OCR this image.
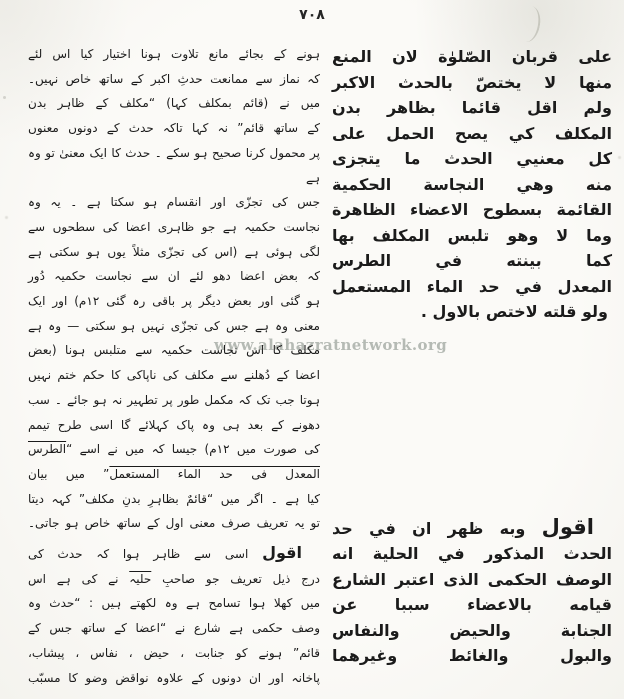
۷۰۸
www.alahazratnetwork.org
على قربان الصّلوٰة لان المنع
منها لا يختصّ بالحدث الاكبر
ولم اقل قائما بظاهر بدن
المكلف كي يصح الحمل على
كل معنيي الحدث ما يتجزى
منه وهي النجاسة الحكمية
القائمة بسطوح الاعضاء الظاهرة
وما لا وهو تلبس المكلف بها
كما بينته في الطرس
المعدل في حد الماء المستعمل
ولو قلته لاختص بالاول .
اقول وبه ظهر ان في حد
الحدث المذكور في الحلية انه
الوصف الحكمى الذى اعتبر الشارع
قيامه بالاعضاء سببا عن
الجنابة والحيض والنفاس
والبول والغائط وغيرهما
ہونے کے بجائے مانع تلاوت ہونا اختیار کیا اس لئے
کہ نماز سے ممانعت حدثِ اکبر کے ساتھ خاص نہیں۔
میں نے (قائم بمکلف کہا) “مکلف کے ظاہر بدن
کے ساتھ قائم” نہ کہا تاکہ حدث کے دونوں معنوں
پر محمول کرنا صحیح ہو سکے ۔ حدث کا ایک معنیٰ تو وہ ہے
جس کی تجزّی اور انقسام ہو سکتا ہے ۔ یہ وہ
نجاست حکمیہ ہے جو ظاہری اعضا کی سطحوں سے
لگی ہوئی ہے (اس کی تجزّی مثلاً یوں ہو سکتی ہے
کہ بعض اعضا دھو لئے ان سے نجاست حکمیہ دُور
ہو گئی اور بعض دیگر پر باقی رہ گئی ۱۲م) اور ایک
معنی وہ ہے جس کی تجزّی نہیں ہو سکتی — وہ ہے
مکلف کا اس نجاست حکمیہ سے متلبس ہونا (بعض
اعضا کے دُھلنے سے مکلف کی ناپاکی کا حکم ختم نہیں
ہوتا جب تک کہ مکمل طور پر تطہیر نہ ہو جائے ۔ سب
دھونے کے بعد ہی وہ پاک کہلائے گا اسی طرح تیمم
کی صورت میں ۱۲م) جیسا کہ میں نے اسے “الطرس
المعدل فی حد الماء المستعمل” میں بیان
کیا ہے ۔ اگر میں “قائمٌ بظاہرِ بدنِ مکلف” کہہ دیتا
تو یہ تعریف صرف معنی اول کے ساتھ خاص ہو جاتی۔
اقول اسی سے ظاہر ہوا کہ حدث کی
درج ذیل تعریف جو صاحبِ حلیہ نے کی ہے اس
میں کھلا ہوا تسامح ہے وہ لکھتے ہیں : “حدث وہ
وصف حکمی ہے شارع نے “اعضا کے ساتھ جس کے
قائم” ہونے کو جنابت ، حیض ، نفاس ، پیشاب،
پاخانہ اور ان دونوں کے علاوہ نواقض وضو کا مسبّب
